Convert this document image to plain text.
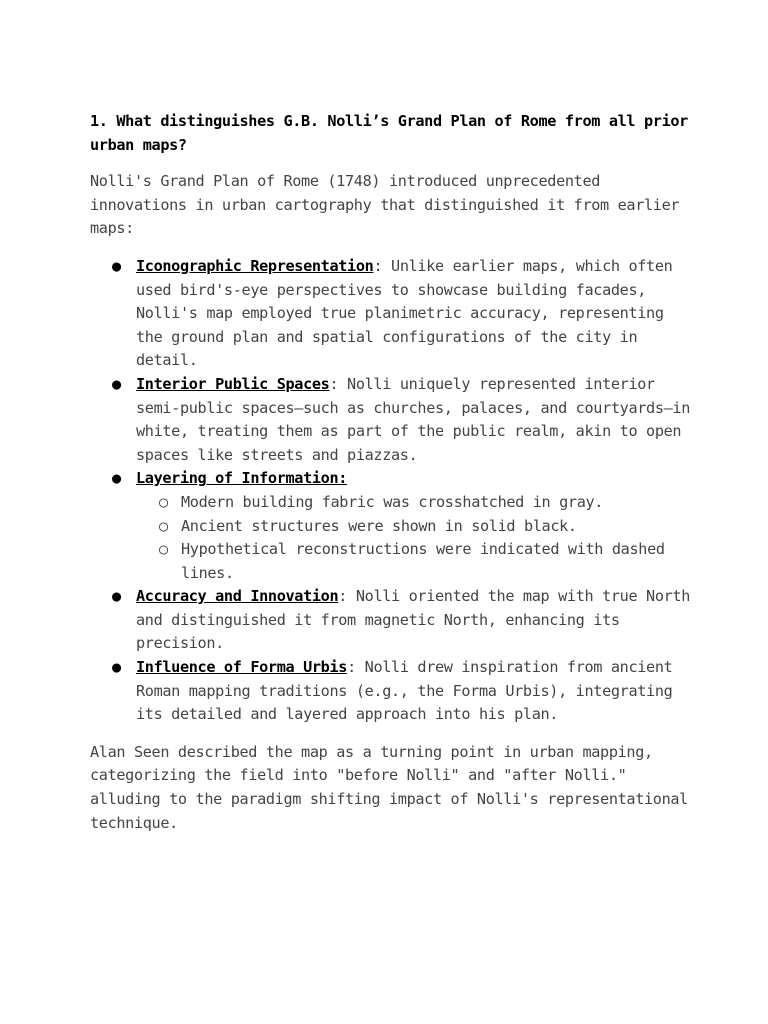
1. What distinguishes G.B. Nolli’s Grand Plan of Rome from all prior urban maps?

Nolli's Grand Plan of Rome (1748) introduced unprecedented innovations in urban cartography that distinguished it from earlier maps:

● Iconographic Representation: Unlike earlier maps, which often used bird's-eye perspectives to showcase building facades, Nolli's map employed true planimetric accuracy, representing the ground plan and spatial configurations of the city in detail.
● Interior Public Spaces: Nolli uniquely represented interior semi-public spaces—such as churches, palaces, and courtyards—in white, treating them as part of the public realm, akin to open spaces like streets and piazzas.
● Layering of Information:
○ Modern building fabric was crosshatched in gray.
○ Ancient structures were shown in solid black.
○ Hypothetical reconstructions were indicated with dashed lines.
● Accuracy and Innovation: Nolli oriented the map with true North and distinguished it from magnetic North, enhancing its precision.
● Influence of Forma Urbis: Nolli drew inspiration from ancient Roman mapping traditions (e.g., the Forma Urbis), integrating its detailed and layered approach into his plan.

Alan Seen described the map as a turning point in urban mapping, categorizing the field into "before Nolli" and "after Nolli." alluding to the paradigm shifting impact of Nolli's representational technique.
